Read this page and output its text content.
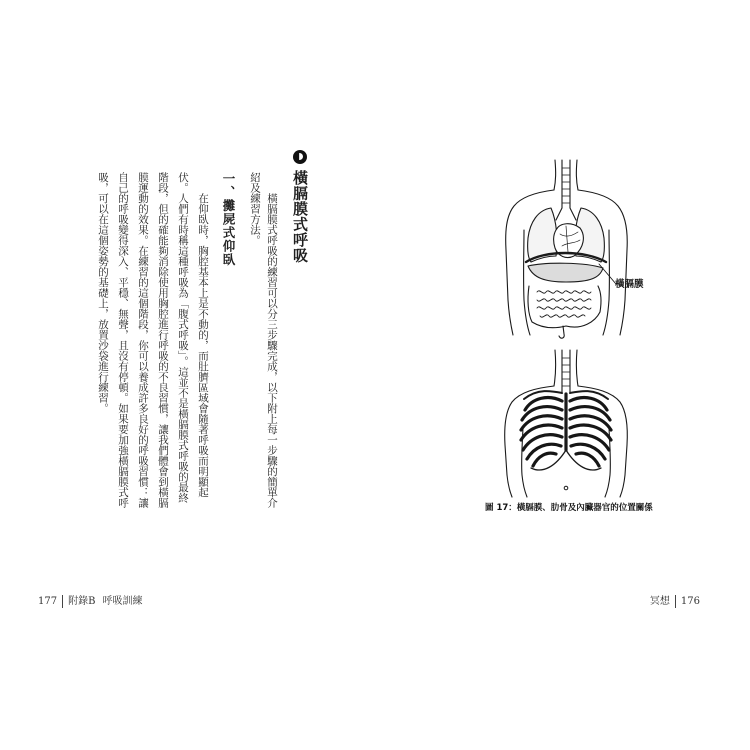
橫膈膜式呼吸
橫膈膜式呼吸的練習可以分三步驟完成，以下附上每一步驟的簡單介
紹及練習方法。
一、攤屍式仰臥
在仰臥時，胸腔基本上是不動的，而肚臍區域會隨著呼吸而明顯起
伏。人們有時稱這種呼吸為「腹式呼吸」。這並不是橫膈膜式呼吸的最終
階段，但的確能夠消除使用胸腔進行呼吸的不良習慣，讓我們體會到橫膈
膜運動的效果。在練習的這個階段，你可以養成許多良好的呼吸習慣：讓
自己的呼吸變得深入、平穩、無聲，且沒有停頓。如果要加強橫膈膜式呼
吸，可以在這個姿勢的基礎上，放置沙袋進行練習。
177 附錄B 呼吸訓練
橫膈膜
圖 17：橫膈膜、肋骨及內臟器官的位置關係
冥想 176
